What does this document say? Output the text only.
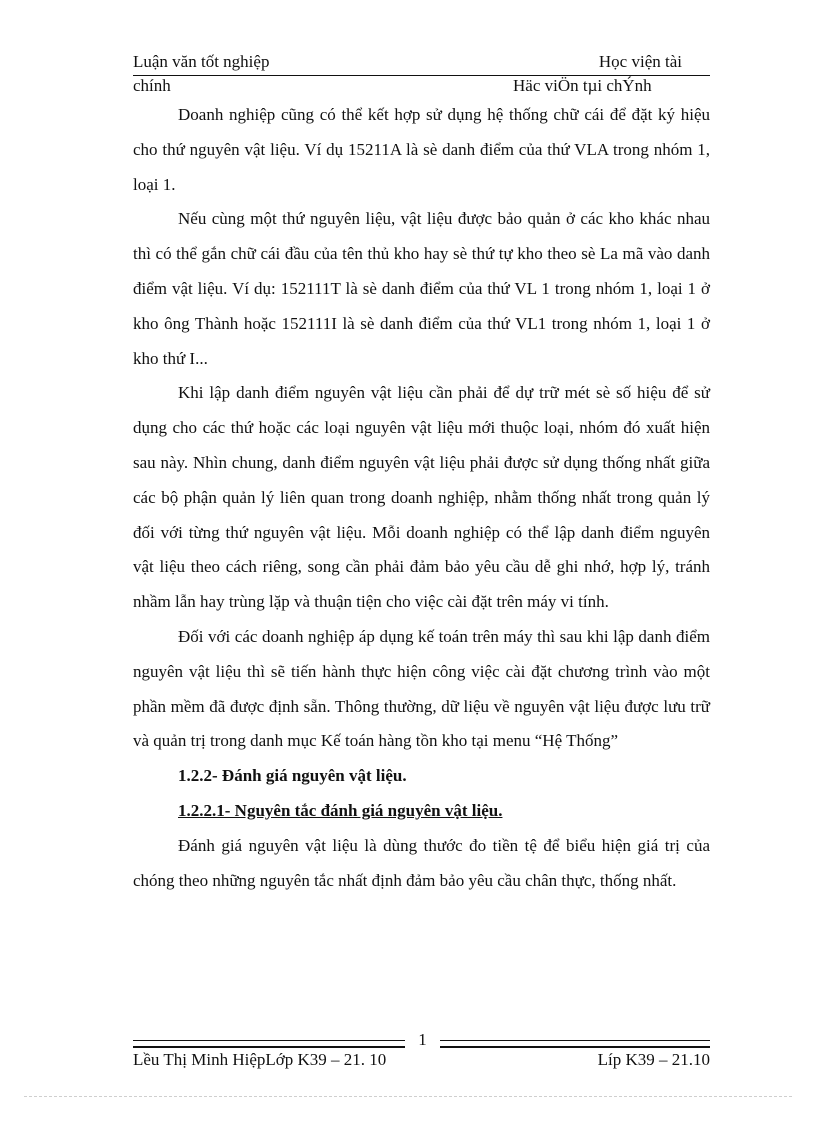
Luận văn tốt nghiệp	Học viện tài
chính	Häc viÖn tµi chÝnh

Doanh nghiệp cũng có thể kết hợp sử dụng hệ thống chữ cái để đặt ký hiệu cho thứ nguyên vật liệu. Ví dụ 15211A là sè danh điểm của thứ VLA trong nhóm 1, loại 1.

Nếu cùng một thứ nguyên liệu, vật liệu được bảo quản ở các kho khác nhau thì có thể gắn chữ cái đầu của tên thủ kho hay sè thứ tự kho theo sè La mã vào danh điểm vật liệu. Ví dụ: 152111T là sè danh điểm của thứ VL 1 trong nhóm 1, loại 1 ở kho ông Thành hoặc 152111I là sè danh điểm của thứ VL1 trong nhóm 1, loại 1 ở kho thứ I...

Khi lập danh điểm nguyên vật liệu cần phải để dự trữ mét sè số hiệu để sử dụng cho các thứ hoặc các loại nguyên vật liệu mới thuộc loại, nhóm đó xuất hiện sau này. Nhìn chung, danh điểm nguyên vật liệu phải được sử dụng thống nhất giữa các bộ phận quản lý liên quan trong doanh nghiệp, nhằm thống nhất trong quản lý đối với từng thứ nguyên vật liệu. Mỗi doanh nghiệp có thể lập danh điểm nguyên vật liệu theo cách riêng, song cần phải đảm bảo yêu cầu dễ ghi nhớ, hợp lý, tránh nhầm lẫn hay trùng lặp và thuận tiện cho việc cài đặt trên máy vi tính.

Đối với các doanh nghiệp áp dụng kế toán trên máy thì sau khi lập danh điểm nguyên vật liệu thì sẽ tiến hành thực hiện công việc cài đặt chương trình vào một phần mềm đã được định sẵn. Thông thường, dữ liệu về nguyên vật liệu được lưu trữ và quản trị trong danh mục Kế toán hàng tồn kho tại menu “Hệ Thống”

1.2.2- Đánh giá nguyên vật liệu.

1.2.2.1- Nguyên tắc đánh giá nguyên vật liệu.

Đánh giá nguyên vật liệu là dùng thước đo tiền tệ để biểu hiện giá trị của chóng theo những nguyên tắc nhất định đảm bảo yêu cầu chân thực, thống nhất.

1
Lều Thị Minh HiệpLớp K39 – 21. 10	Líp K39 – 21.10
